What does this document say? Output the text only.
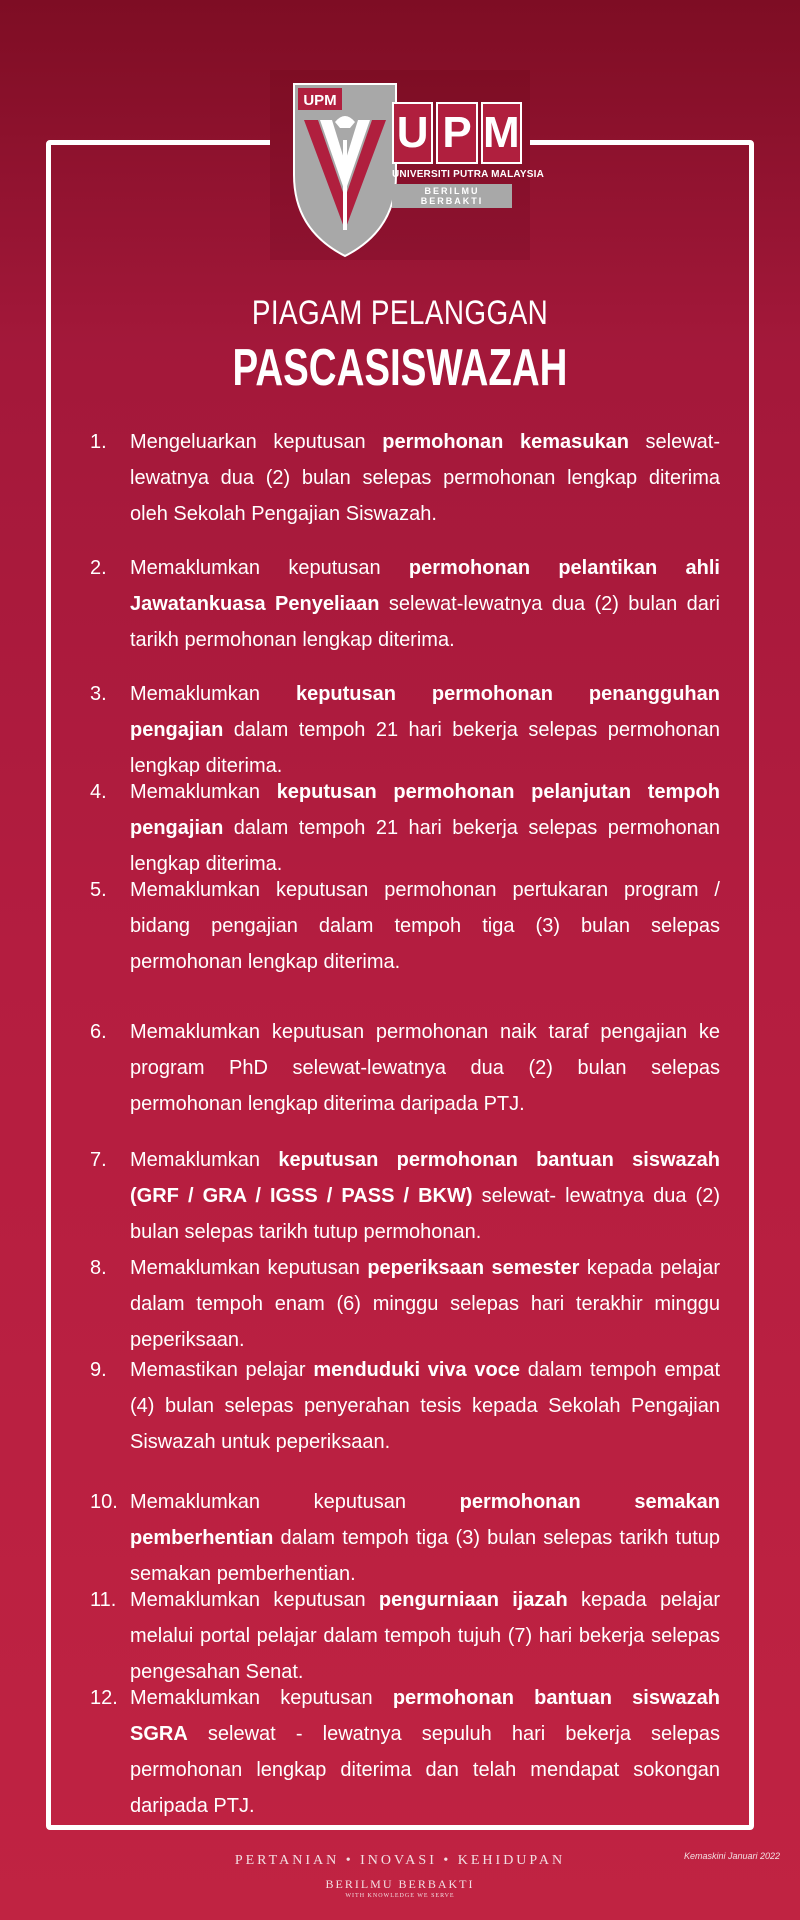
UPM
U P M
UNIVERSITI PUTRA MALAYSIA
BERILMU BERBAKTI
PIAGAM PELANGGAN
PASCASISWAZAH
1.	Mengeluarkan keputusan permohonan kemasukan selewat-lewatnya dua (2) bulan selepas permohonan lengkap diterima oleh Sekolah Pengajian Siswazah.
2.	Memaklumkan keputusan permohonan pelantikan ahli Jawatankuasa Penyeliaan selewat-lewatnya dua (2) bulan dari tarikh permohonan lengkap diterima.
3.	Memaklumkan keputusan permohonan penangguhan pengajian dalam tempoh 21 hari bekerja selepas permohonan lengkap diterima.
4.	Memaklumkan keputusan permohonan pelanjutan tempoh pengajian dalam tempoh 21 hari bekerja selepas permohonan lengkap diterima.
5.	Memaklumkan keputusan permohonan pertukaran program / bidang pengajian dalam tempoh tiga (3) bulan selepas permohonan lengkap diterima.
6.	Memaklumkan keputusan permohonan naik taraf pengajian ke program PhD selewat-lewatnya dua (2) bulan selepas permohonan lengkap diterima daripada PTJ.
7.	Memaklumkan keputusan permohonan bantuan siswazah (GRF / GRA / IGSS / PASS / BKW) selewat- lewatnya dua (2) bulan selepas tarikh tutup permohonan.
8.	Memaklumkan keputusan peperiksaan semester kepada pelajar dalam tempoh enam (6) minggu selepas hari terakhir minggu peperiksaan.
9.	Memastikan pelajar menduduki viva voce dalam tempoh empat (4) bulan selepas penyerahan tesis kepada Sekolah Pengajian Siswazah untuk peperiksaan.
10. Memaklumkan keputusan permohonan semakan pemberhentian dalam tempoh tiga (3) bulan selepas tarikh tutup semakan pemberhentian.
11. Memaklumkan keputusan pengurniaan ijazah kepada pelajar melalui portal pelajar dalam tempoh tujuh (7) hari bekerja selepas pengesahan Senat.
12. Memaklumkan keputusan permohonan bantuan siswazah SGRA selewat - lewatnya sepuluh hari bekerja selepas permohonan lengkap diterima dan telah mendapat sokongan daripada PTJ.
PERTANIAN • INOVASI • KEHIDUPAN
BERILMU BERBAKTI
WITH KNOWLEDGE WE SERVE
Kemaskini Januari 2022
